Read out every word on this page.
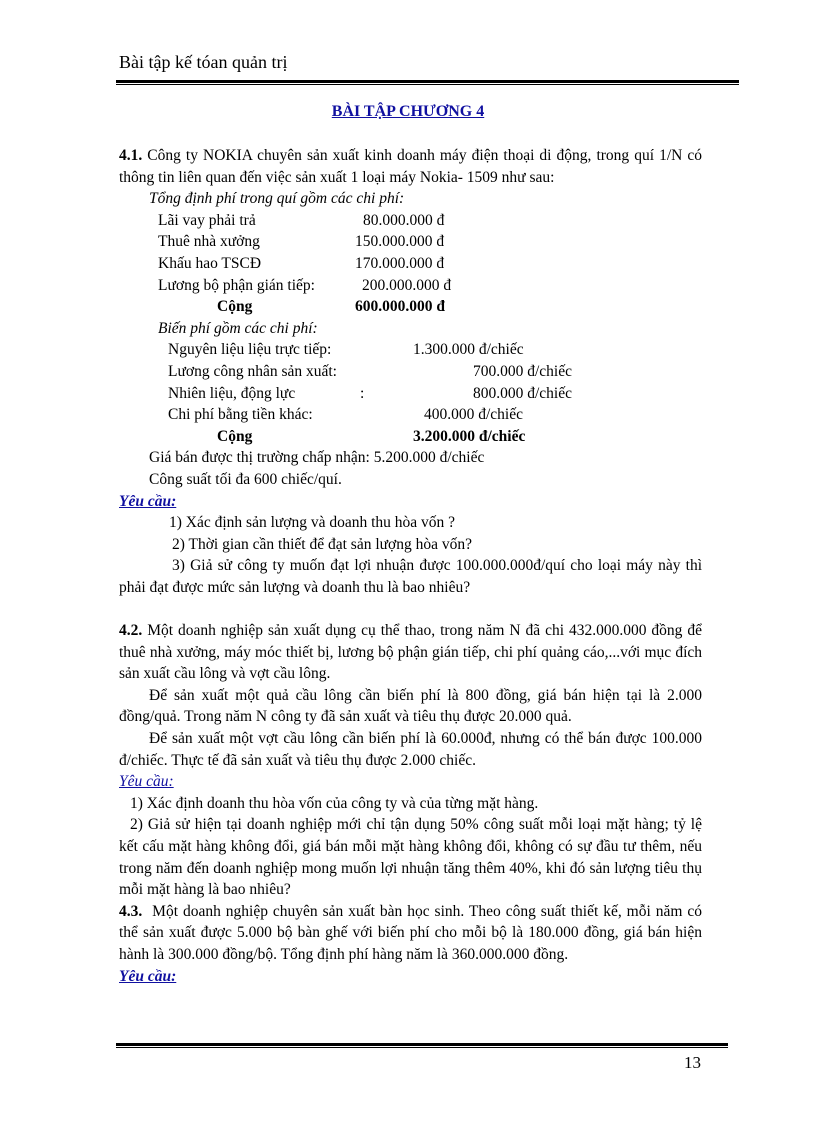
Bài tập kế tóan quản trị
BÀI TẬP CHƯƠNG 4

4.1. Công ty NOKIA chuyên sản xuất kinh doanh máy điện thoại di động, trong quí 1/N có thông tin liên quan đến việc sản xuất 1 loại máy Nokia- 1509 như sau:

Tổng định phí trong quí gồm các chi phí:
Lãi vay phải trả	80.000.000 đ
Thuê nhà xưởng	150.000.000 đ
Khấu hao TSCĐ	170.000.000 đ
Lương bộ phận gián tiếp:	200.000.000 đ
Cộng	600.000.000 đ
Biến phí gồm các chi phí:
Nguyên liệu liệu trực tiếp:	1.300.000 đ/chiếc
Lương công nhân sản xuất:	700.000 đ/chiếc
Nhiên liệu, động lực	:	800.000 đ/chiếc
Chi phí bằng tiền khác:	400.000 đ/chiếc
Cộng	3.200.000 đ/chiếc
Giá bán được thị trường chấp nhận: 5.200.000 đ/chiếc
Công suất tối đa 600 chiếc/quí.
Yêu cầu:
1) Xác định sản lượng và doanh thu hòa vốn ?
2) Thời gian cần thiết để đạt sản lượng hòa vốn?

3) Giả sử công ty muốn đạt lợi nhuận được 100.000.000đ/quí cho loại máy này thì phải đạt được mức sản lượng và doanh thu là bao nhiêu?

4.2. Một doanh nghiệp sản xuất dụng cụ thể thao, trong năm N đã chi 432.000.000 đồng để thuê nhà xưởng, máy móc thiết bị, lương bộ phận gián tiếp, chi phí quảng cáo,...với mục đích sản xuất cầu lông và vợt cầu lông.

Để sản xuất một quả cầu lông cần biến phí là 800 đồng, giá bán hiện tại là 2.000 đồng/quả. Trong năm N công ty đã sản xuất và tiêu thụ được 20.000 quả.

Để sản xuất một vợt cầu lông cần biến phí là 60.000đ, nhưng có thể bán được 100.000 đ/chiếc. Thực tế đã sản xuất và tiêu thụ được 2.000 chiếc.

Yêu cầu:
1) Xác định doanh thu hòa vốn của công ty và của từng mặt hàng.

2) Giả sử hiện tại doanh nghiệp mới chỉ tận dụng 50% công suất mỗi loại mặt hàng; tỷ lệ kết cấu mặt hàng không đổi, giá bán mỗi mặt hàng không đổi, không có sự đầu tư thêm, nếu trong năm đến doanh nghiệp mong muốn lợi nhuận tăng thêm 40%, khi đó sản lượng tiêu thụ mỗi mặt hàng là bao nhiêu?

4.3. Một doanh nghiệp chuyên sản xuất bàn học sinh. Theo công suất thiết kế, mỗi năm có thể sản xuất được 5.000 bộ bàn ghế với biến phí cho mỗi bộ là 180.000 đồng, giá bán hiện hành là 300.000 đồng/bộ. Tổng định phí hàng năm là 360.000.000 đồng.

Yêu cầu:
13
